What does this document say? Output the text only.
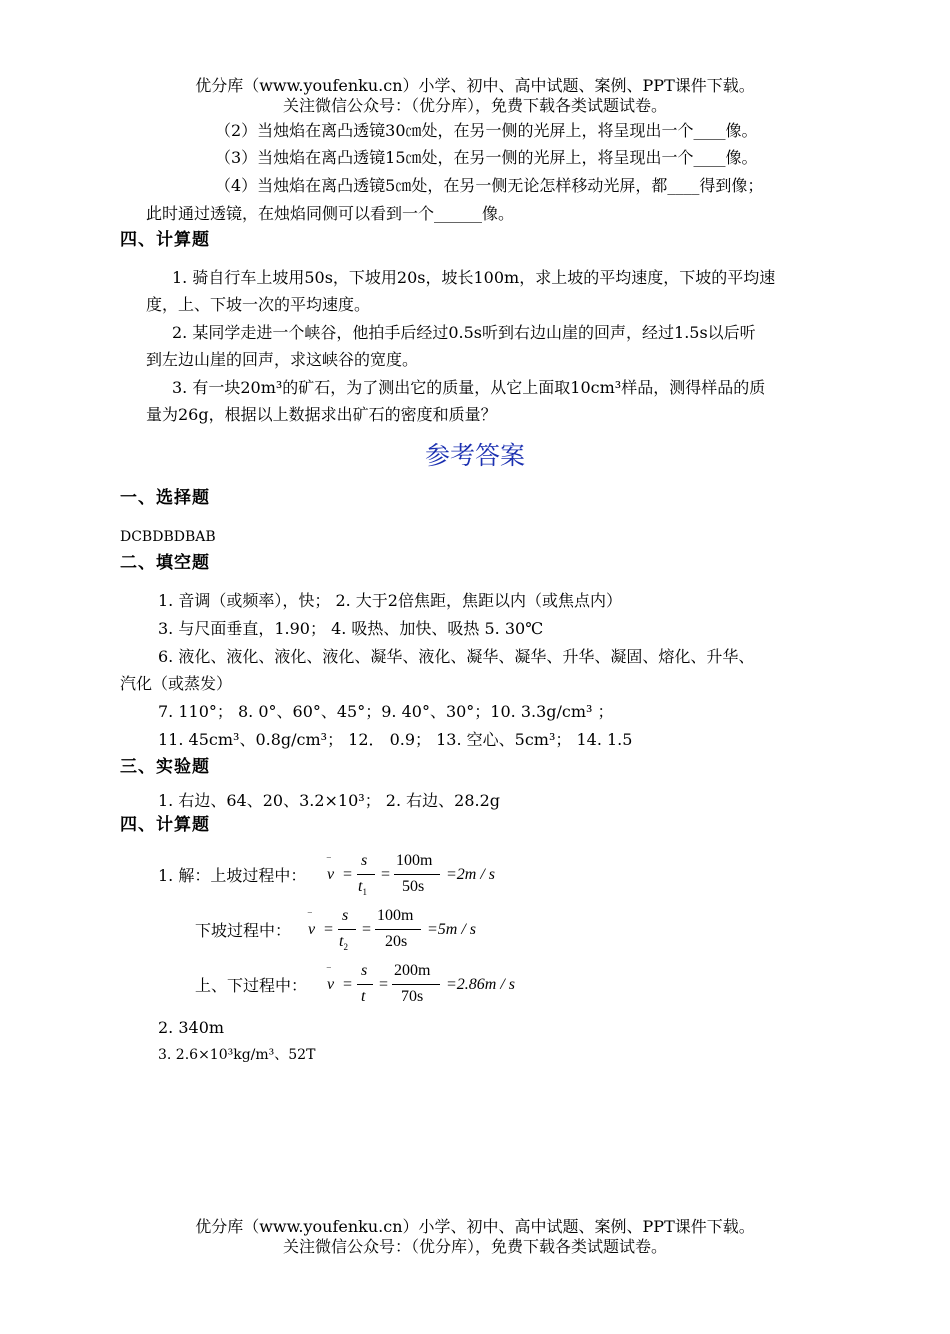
优分库（www.youfenku.cn）小学、初中、高中试题、案例、PPT课件下载。
关注微信公众号：（优分库），免费下载各类试题试卷。
（2）当烛焰在离凸透镜30㎝处，在另一侧的光屏上，将呈现出一个____像。
（3）当烛焰在离凸透镜15㎝处，在另一侧的光屏上，将呈现出一个____像。
（4）当烛焰在离凸透镜5㎝处，在另一侧无论怎样移动光屏，都____得到像；
此时通过透镜，在烛焰同侧可以看到一个______像。
四、计算题
1. 骑自行车上坡用50s，下坡用20s，坡长100m，求上坡的平均速度，下坡的平均速
度，上、下坡一次的平均速度。
2. 某同学走进一个峡谷，他拍手后经过0.5s听到右边山崖的回声，经过1.5s以后听
到左边山崖的回声，求这峡谷的宽度。
3. 有一块20m³的矿石，为了测出它的质量，从它上面取10cm³样品，测得样品的质
量为26g，根据以上数据求出矿石的密度和质量？
参考答案
一、选择题
DCBDBDBAB
二、填空题
1. 音调（或频率），快； 2. 大于2倍焦距，焦距以内（或焦点内）
3. 与尺面垂直，1.90； 4. 吸热、加快、吸热 5. 30℃
6. 液化、液化、液化、液化、凝华、液化、凝华、凝华、升华、凝固、熔化、升华、
汽化（或蒸发）
7. 110°； 8. 0°、60°、45°；9. 40°、30°；10. 3.3g/cm³ ；
11. 45cm³、0.8g/cm³； 12． 0.9； 13. 空心、5cm³； 14. 1.5
三、实验题
1. 右边、64、20、3.2×10³； 2. 右边、28.2g
四、计算题
1. 解：上坡过程中：
‾
v =
s
$t_1$
=
100m
50s
=2m / s
下坡过程中：
‾
v =
s
$t_2$
=
100m
20s
=5m / s
上、下过程中：
‾
v =
s
t
=
200m
70s
=2.86m / s
2. 340m
3. 2.6×10³kg/m³、52T
优分库（www.youfenku.cn）小学、初中、高中试题、案例、PPT课件下载。
关注微信公众号：（优分库），免费下载各类试题试卷。
